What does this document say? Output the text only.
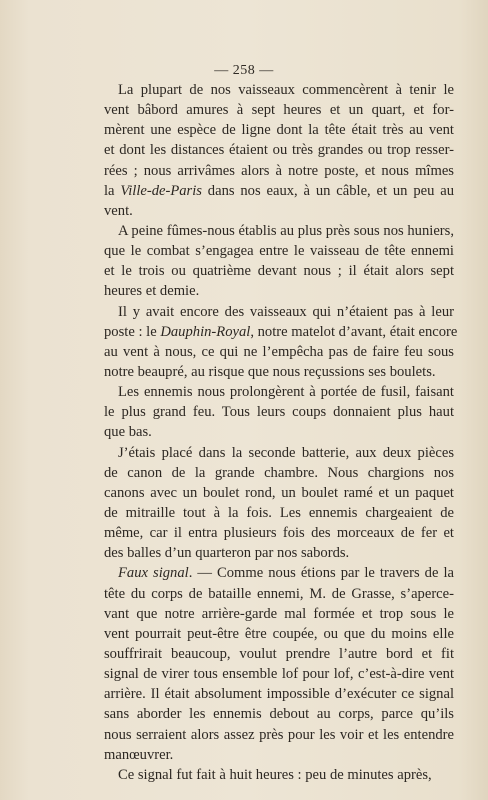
— 258 —
La plupart de nos vaisseaux commencèrent à tenir le
vent bâbord amures à sept heures et un quart, et for-
mèrent une espèce de ligne dont la tête était très au vent
et dont les distances étaient ou très grandes ou trop resser-
rées ; nous arrivâmes alors à notre poste, et nous mîmes
la Ville-de-Paris dans nos eaux, à un câble, et un peu au
vent.
A peine fûmes-nous établis au plus près sous nos huniers,
que le combat s’engagea entre le vaisseau de tête ennemi
et le trois ou quatrième devant nous ; il était alors sept
heures et demie.
Il y avait encore des vaisseaux qui n’étaient pas à leur
poste : le Dauphin-Royal, notre matelot d’avant, était encore
au vent à nous, ce qui ne l’empêcha pas de faire feu sous
notre beaupré, au risque que nous reçussions ses boulets.
Les ennemis nous prolongèrent à portée de fusil, faisant
le plus grand feu. Tous leurs coups donnaient plus haut
que bas.
J’étais placé dans la seconde batterie, aux deux pièces
de canon de la grande chambre. Nous chargions nos
canons avec un boulet rond, un boulet ramé et un paquet
de mitraille tout à la fois. Les ennemis chargeaient de
même, car il entra plusieurs fois des morceaux de fer et
des balles d’un quarteron par nos sabords.
Faux signal. — Comme nous étions par le travers de la
tête du corps de bataille ennemi, M. de Grasse, s’aperce-
vant que notre arrière-garde mal formée et trop sous le
vent pourrait peut-être être coupée, ou que du moins elle
souffrirait beaucoup, voulut prendre l’autre bord et fit
signal de virer tous ensemble lof pour lof, c’est-à-dire vent
arrière. Il était absolument impossible d’exécuter ce signal
sans aborder les ennemis debout au corps, parce qu’ils
nous serraient alors assez près pour les voir et les entendre
manœuvrer.
Ce signal fut fait à huit heures : peu de minutes après,
